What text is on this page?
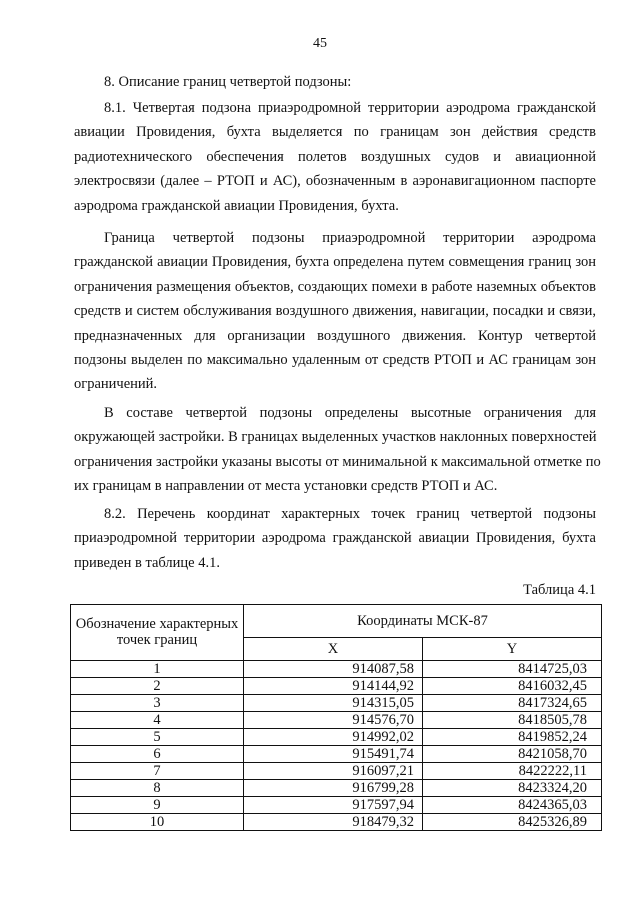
45
8. Описание границ четвертой подзоны:
8.1. Четвертая подзона приаэродромной территории аэродрома гражданской
авиации Провидения, бухта выделяется по границам зон действия средств
радиотехнического обеспечения полетов воздушных судов и авиационной
электросвязи (далее – РТОП и АС), обозначенным в аэронавигационном паспорте
аэродрома гражданской авиации Провидения, бухта.
Граница четвертой подзоны приаэродромной территории аэродрома
гражданской авиации Провидения, бухта определена путем совмещения границ зон
ограничения размещения объектов, создающих помехи в работе наземных объектов
средств и систем обслуживания воздушного движения, навигации, посадки и связи,
предназначенных для организации воздушного движения. Контур четвертой
подзоны выделен по максимально удаленным от средств РТОП и АС границам зон
ограничений.
В составе четвертой подзоны определены высотные ограничения для
окружающей застройки. В границах выделенных участков наклонных поверхностей
ограничения застройки указаны высоты от минимальной к максимальной отметке по
их границам в направлении от места установки средств РТОП и АС.
8.2. Перечень координат характерных точек границ четвертой подзоны
приаэродромной территории аэродрома гражданской авиации Провидения, бухта
приведен в таблице 4.1.
Таблица 4.1
Обозначение характерных точек границ	Координаты МСК-87	
	X	Y
1	914087,58	8414725,03
2	914144,92	8416032,45
3	914315,05	8417324,65
4	914576,70	8418505,78
5	914992,02	8419852,24
6	915491,74	8421058,70
7	916097,21	8422222,11
8	916799,28	8423324,20
9	917597,94	8424365,03
10	918479,32	8425326,89
